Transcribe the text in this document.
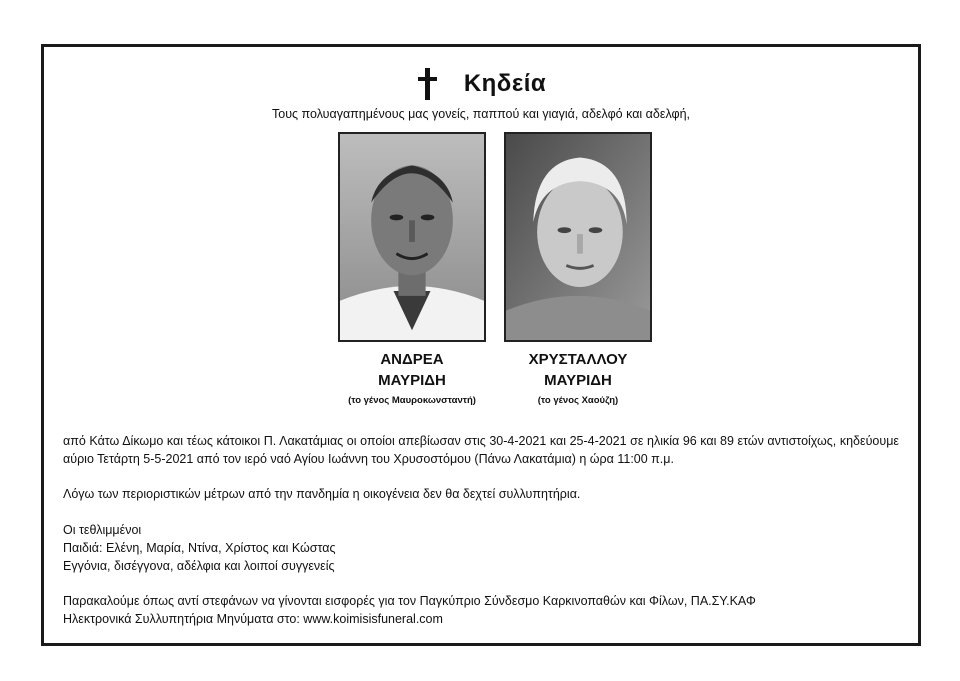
Κηδεία
Τους πολυαγαπημένους μας γονείς, παππού και γιαγιά, αδελφό και αδελφή,
ΑΝΔΡΕΑ
ΜΑΥΡΙΔΗ
(το γένος Μαυροκωνσταντή)
ΧΡΥΣΤΑΛΛΟΥ
ΜΑΥΡΙΔΗ
(το γένος Χαούζη)
από Κάτω Δίκωμο και τέως κάτοικοι Π. Λακατάμιας οι οποίοι απεβίωσαν στις 30-4-2021 και 25-4-2021 σε ηλικία 96 και 89 ετών αντιστοίχως, κηδεύουμε αύριο Τετάρτη 5-5-2021 από τον ιερό ναό Αγίου Ιωάννη του Χρυσοστόμου (Πάνω Λακατάμια) η ώρα 11:00 π.μ.
Λόγω των περιοριστικών μέτρων από την πανδημία η οικογένεια δεν θα δεχτεί συλλυπητήρια.
Οι τεθλιμμένοι
Παιδιά: Ελένη, Μαρία, Ντίνα, Χρίστος και Κώστας
Εγγόνια, δισέγγονα, αδέλφια και λοιποί συγγενείς
Παρακαλούμε όπως αντί στεφάνων να γίνονται εισφορές για τον Παγκύπριο Σύνδεσμο Καρκινοπαθών και Φίλων, ΠΑ.ΣΥ.ΚΑΦ
Ηλεκτρονικά Συλλυπητήρια Μηνύματα στο: www.koimisisfuneral.com
